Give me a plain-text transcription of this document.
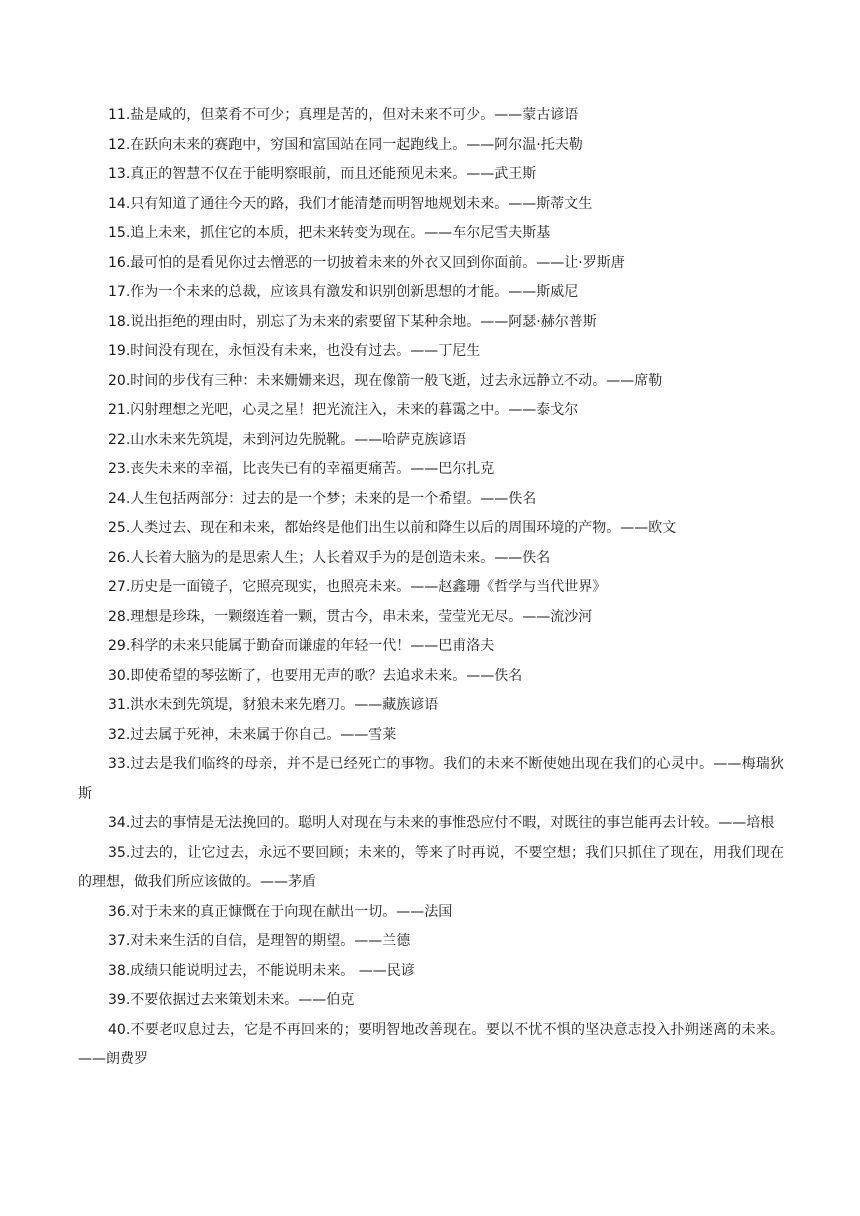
11.盐是咸的，但菜肴不可少；真理是苦的，但对未来不可少。——蒙古谚语

12.在跃向未来的赛跑中，穷国和富国站在同一起跑线上。——阿尔温·托夫勒

13.真正的智慧不仅在于能明察眼前，而且还能预见未来。——武王斯

14.只有知道了通往今天的路，我们才能清楚而明智地规划未来。——斯蒂文生

15.追上未来，抓住它的本质，把未来转变为现在。——车尔尼雪夫斯基

16.最可怕的是看见你过去憎恶的一切披着未来的外衣又回到你面前。——让·罗斯唐

17.作为一个未来的总裁，应该具有激发和识别创新思想的才能。——斯威尼

18.说出拒绝的理由时，别忘了为未来的索要留下某种余地。——阿瑟·赫尔普斯

19.时间没有现在，永恒没有未来，也没有过去。——丁尼生

20.时间的步伐有三种：未来姗姗来迟，现在像箭一般飞逝，过去永远静立不动。——席勒

21.闪射理想之光吧，心灵之星！把光流注入，未来的暮霭之中。——泰戈尔

22.山水未来先筑堤，未到河边先脱靴。——哈萨克族谚语

23.丧失未来的幸福，比丧失已有的幸福更痛苦。——巴尔扎克

24.人生包括两部分：过去的是一个梦；未来的是一个希望。——佚名

25.人类过去、现在和未来，都始终是他们出生以前和降生以后的周围环境的产物。——欧文

26.人长着大脑为的是思索人生；人长着双手为的是创造未来。——佚名

27.历史是一面镜子，它照亮现实，也照亮未来。——赵鑫珊《哲学与当代世界》

28.理想是珍珠，一颗缀连着一颗，贯古今，串未来，莹莹光无尽。——流沙河

29.科学的未来只能属于勤奋而谦虚的年轻一代！——巴甫洛夫

30.即使希望的琴弦断了，也要用无声的歌？去追求未来。——佚名

31.洪水未到先筑堤，豺狼未来先磨刀。——藏族谚语

32.过去属于死神，未来属于你自己。——雪莱

33.过去是我们临终的母亲，并不是已经死亡的事物。我们的未来不断使她出现在我们的心灵中。——梅瑞狄斯

34.过去的事情是无法挽回的。聪明人对现在与未来的事惟恐应付不暇，对既往的事岂能再去计较。——培根

35.过去的，让它过去，永远不要回顾；未来的，等来了时再说，不要空想；我们只抓住了现在，用我们现在的理想，做我们所应该做的。——茅盾

36.对于未来的真正慷慨在于向现在献出一切。——法国

37.对未来生活的自信，是理智的期望。——兰德

38.成绩只能说明过去，不能说明未来。 ——民谚

39.不要依据过去来策划未来。——伯克

40.不要老叹息过去，它是不再回来的；要明智地改善现在。要以不忧不惧的坚决意志投入扑朔迷离的未来。——朗费罗
